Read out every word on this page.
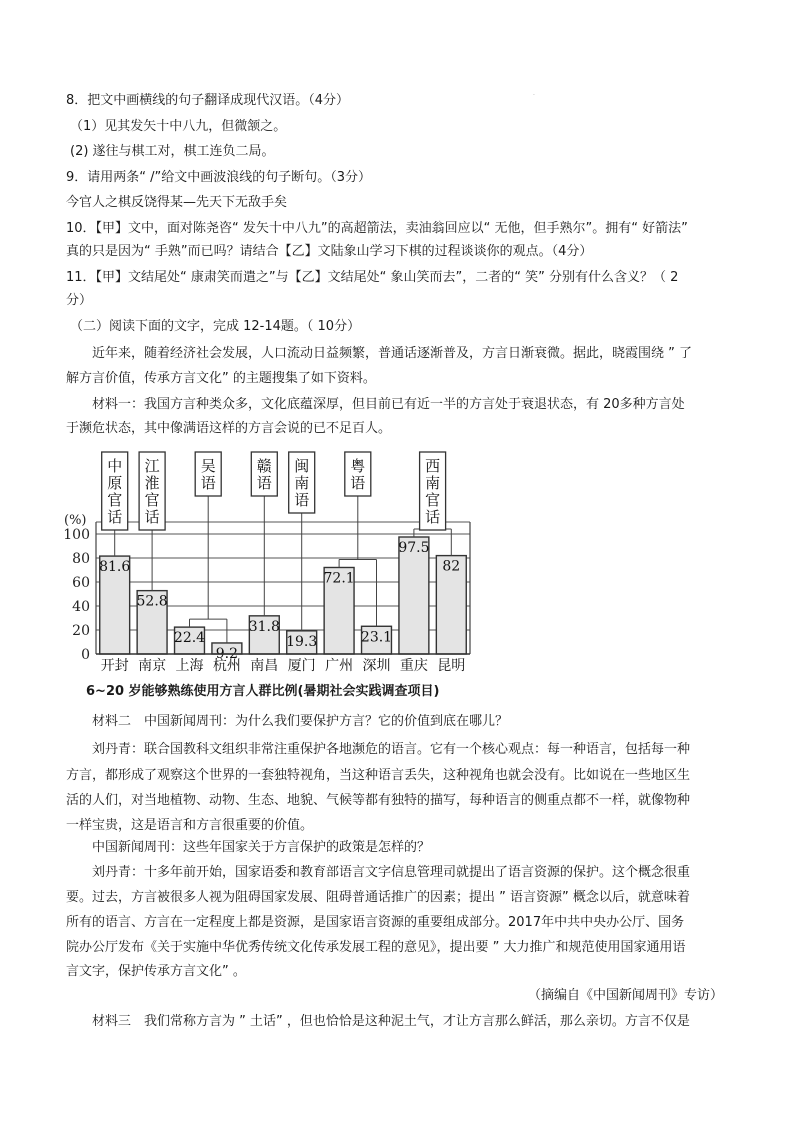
·
8．把文中画横线的句子翻译成现代汉语。（4分）
（1）见其发矢十中八九，但微颔之。
(2) 遂往与棋工对，棋工连负二局。
9．请用两条“ /”给文中画波浪线的句子断句。（3分）
今官人之棋反饶得某—先天下无敌手矣
10．【甲】文中，面对陈尧咨“ 发矢十中八九”的高超箭法，卖油翁回应以“ 无他，但手熟尔”。拥有“ 好箭法”
真的只是因为“ 手熟”而已吗？请结合【乙】文陆象山学习下棋的过程谈谈你的观点。（4分）
11．【甲】文结尾处“ 康肃笑而遣之”与【乙】文结尾处“ 象山笑而去”，二者的“ 笑” 分别有什么含义？（ 2
分）
（二）阅读下面的文字，完成 12-14题。（ 10分）
近年来，随着经济社会发展，人口流动日益频繁，普通话逐渐普及，方言日渐衰微。据此，晓霞围绕 ” 了
解方言价值，传承方言文化” 的主题搜集了如下资料。
材料一：我国方言种类众多，文化底蕴深厚，但目前已有近一半的方言处于衰退状态，有 20多种方言处
于濒危状态，其中像满语这样的方言会说的已不足百人。
(%)
0
20
40
60
80
100
81.6
开封
52.8
南京
22.4
上海
9.2
杭州
31.8
南昌
19.3
厦门
72.1
广州
23.1
深圳
97.5
重庆
82
昆明
中
原
官
话
江
淮
官
话
吴
语
赣
语
闽
南
语
粤
语
西
南
官
话
6~20 岁能够熟练使用方言人群比例(暑期社会实践调查项目)
材料二　中国新闻周刊：为什么我们要保护方言？它的价值到底在哪儿？
刘丹青：联合国教科文组织非常注重保护各地濒危的语言。它有一个核心观点：每一种语言，包括每一种
方言，都形成了观察这个世界的一套独特视角，当这种语言丢失，这种视角也就会没有。比如说在一些地区生
活的人们，对当地植物、动物、生态、地貌、气候等都有独特的描写，每种语言的侧重点都不一样，就像物种
一样宝贵，这是语言和方言很重要的价值。
中国新闻周刊：这些年国家关于方言保护的政策是怎样的？
刘丹青：十多年前开始，国家语委和教育部语言文字信息管理司就提出了语言资源的保护。这个概念很重
要。过去，方言被很多人视为阻碍国家发展、阻碍普通话推广的因素；提出 ” 语言资源” 概念以后，就意味着
所有的语言、方言在一定程度上都是资源，是国家语言资源的重要组成部分。2017年中共中央办公厅、国务
院办公厅发布《关于实施中华优秀传统文化传承发展工程的意见》，提出要 ” 大力推广和规范使用国家通用语
言文字，保护传承方言文化” 。
（摘编自《中国新闻周刊》专访）
材料三　我们常称方言为 ” 土话” ，但也恰恰是这种泥土气，才让方言那么鲜活，那么亲切。方言不仅是
